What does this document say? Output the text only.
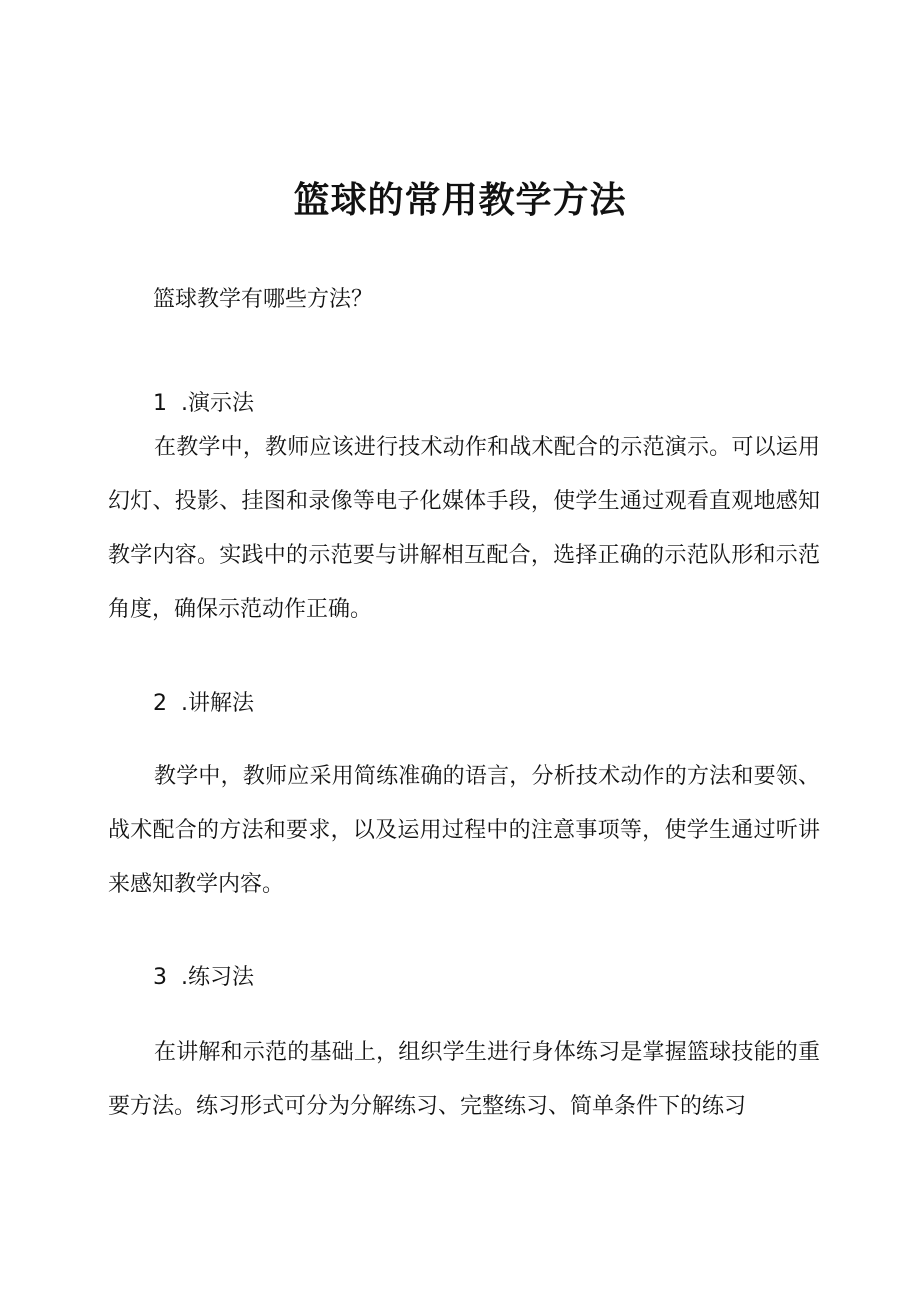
篮球的常用教学方法
篮球教学有哪些方法？
1  .演示法
在教学中，教师应该进行技术动作和战术配合的示范演示。可以运用幻灯、投影、挂图和录像等电子化媒体手段，使学生通过观看直观地感知教学内容。实践中的示范要与讲解相互配合，选择正确的示范队形和示范角度，确保示范动作正确。
2  .讲解法
教学中，教师应采用简练准确的语言，分析技术动作的方法和要领、战术配合的方法和要求，以及运用过程中的注意事项等，使学生通过听讲来感知教学内容。
3  .练习法
在讲解和示范的基础上，组织学生进行身体练习是掌握篮球技能的重要方法。练习形式可分为分解练习、完整练习、简单条件下的练习
